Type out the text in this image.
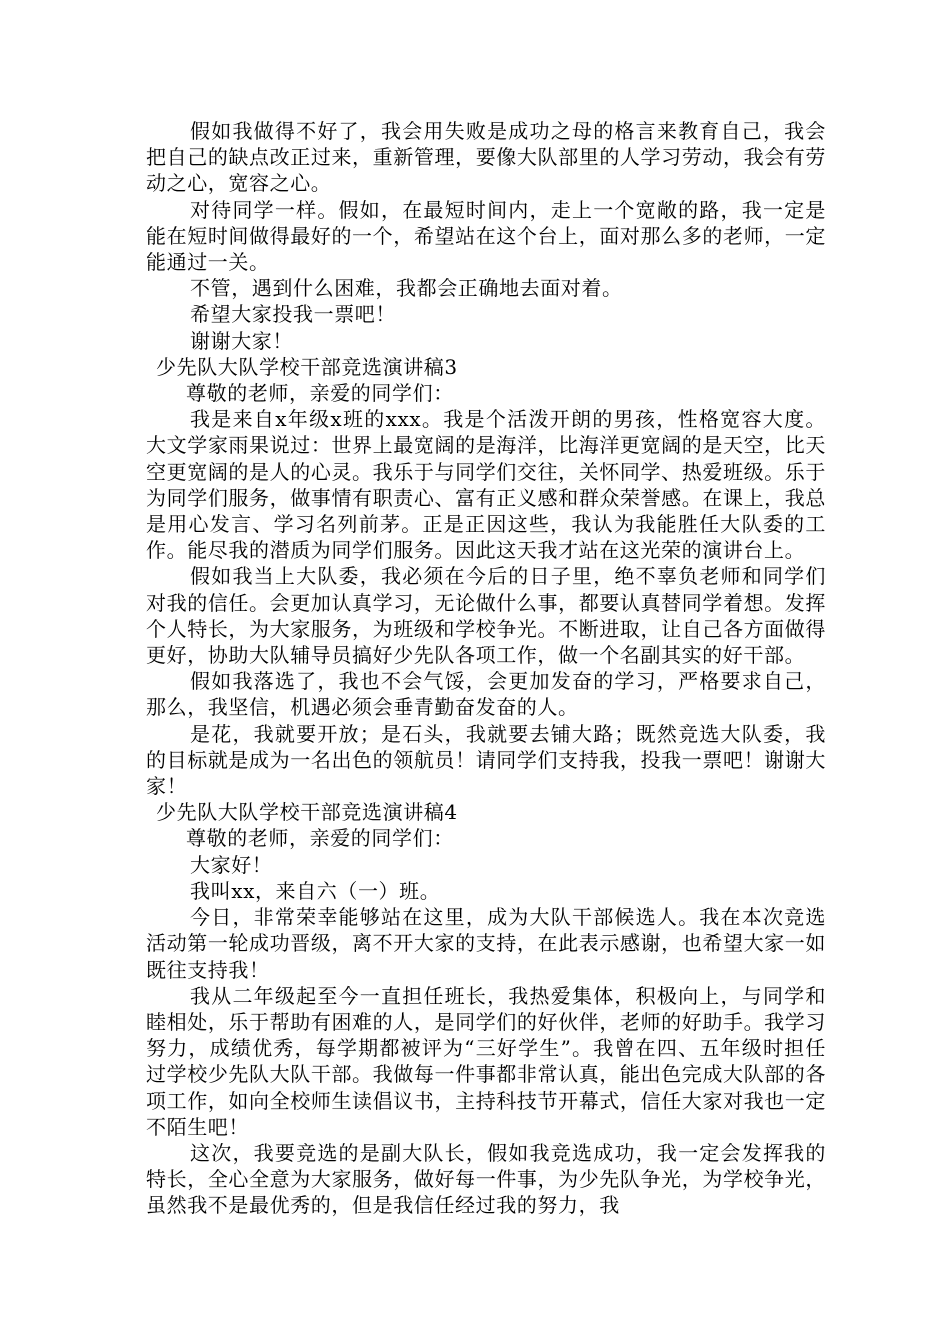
假如我做得不好了，我会用失败是成功之母的格言来教育自己，我会把自己的缺点改正过来，重新管理，要像大队部里的人学习劳动，我会有劳动之心，宽容之心。

对待同学一样。假如，在最短时间内，走上一个宽敞的路，我一定是能在短时间做得最好的一个，希望站在这个台上，面对那么多的老师，一定能通过一关。

不管，遇到什么困难，我都会正确地去面对着。

希望大家投我一票吧！

谢谢大家！

少先队大队学校干部竞选演讲稿3

尊敬的老师，亲爱的同学们：

我是来自x年级x班的xxx。我是个活泼开朗的男孩，性格宽容大度。大文学家雨果说过：世界上最宽阔的是海洋，比海洋更宽阔的是天空，比天空更宽阔的是人的心灵。我乐于与同学们交往，关怀同学、热爱班级。乐于为同学们服务，做事情有职责心、富有正义感和群众荣誉感。在课上，我总是用心发言、学习名列前茅。正是正因这些，我认为我能胜任大队委的工作。能尽我的潜质为同学们服务。因此这天我才站在这光荣的演讲台上。

假如我当上大队委，我必须在今后的日子里，绝不辜负老师和同学们对我的信任。会更加认真学习，无论做什么事，都要认真替同学着想。发挥个人特长，为大家服务，为班级和学校争光。不断进取，让自己各方面做得更好，协助大队辅导员搞好少先队各项工作，做一个名副其实的好干部。

假如我落选了，我也不会气馁，会更加发奋的学习，严格要求自己，那么，我坚信，机遇必须会垂青勤奋发奋的人。

是花，我就要开放；是石头，我就要去铺大路；既然竞选大队委，我的目标就是成为一名出色的领航员！请同学们支持我，投我一票吧！谢谢大家！

少先队大队学校干部竞选演讲稿4

尊敬的老师，亲爱的同学们：

大家好！

我叫xx，来自六（一）班。

今日，非常荣幸能够站在这里，成为大队干部候选人。我在本次竞选活动第一轮成功晋级，离不开大家的支持，在此表示感谢，也希望大家一如既往支持我！

我从二年级起至今一直担任班长，我热爱集体，积极向上，与同学和睦相处，乐于帮助有困难的人，是同学们的好伙伴，老师的好助手。我学习努力，成绩优秀，每学期都被评为“三好学生”。我曾在四、五年级时担任过学校少先队大队干部。我做每一件事都非常认真，能出色完成大队部的各项工作，如向全校师生读倡议书，主持科技节开幕式，信任大家对我也一定不陌生吧！

这次，我要竞选的是副大队长，假如我竞选成功，我一定会发挥我的特长，全心全意为大家服务，做好每一件事，为少先队争光，为学校争光，虽然我不是最优秀的，但是我信任经过我的努力，我
